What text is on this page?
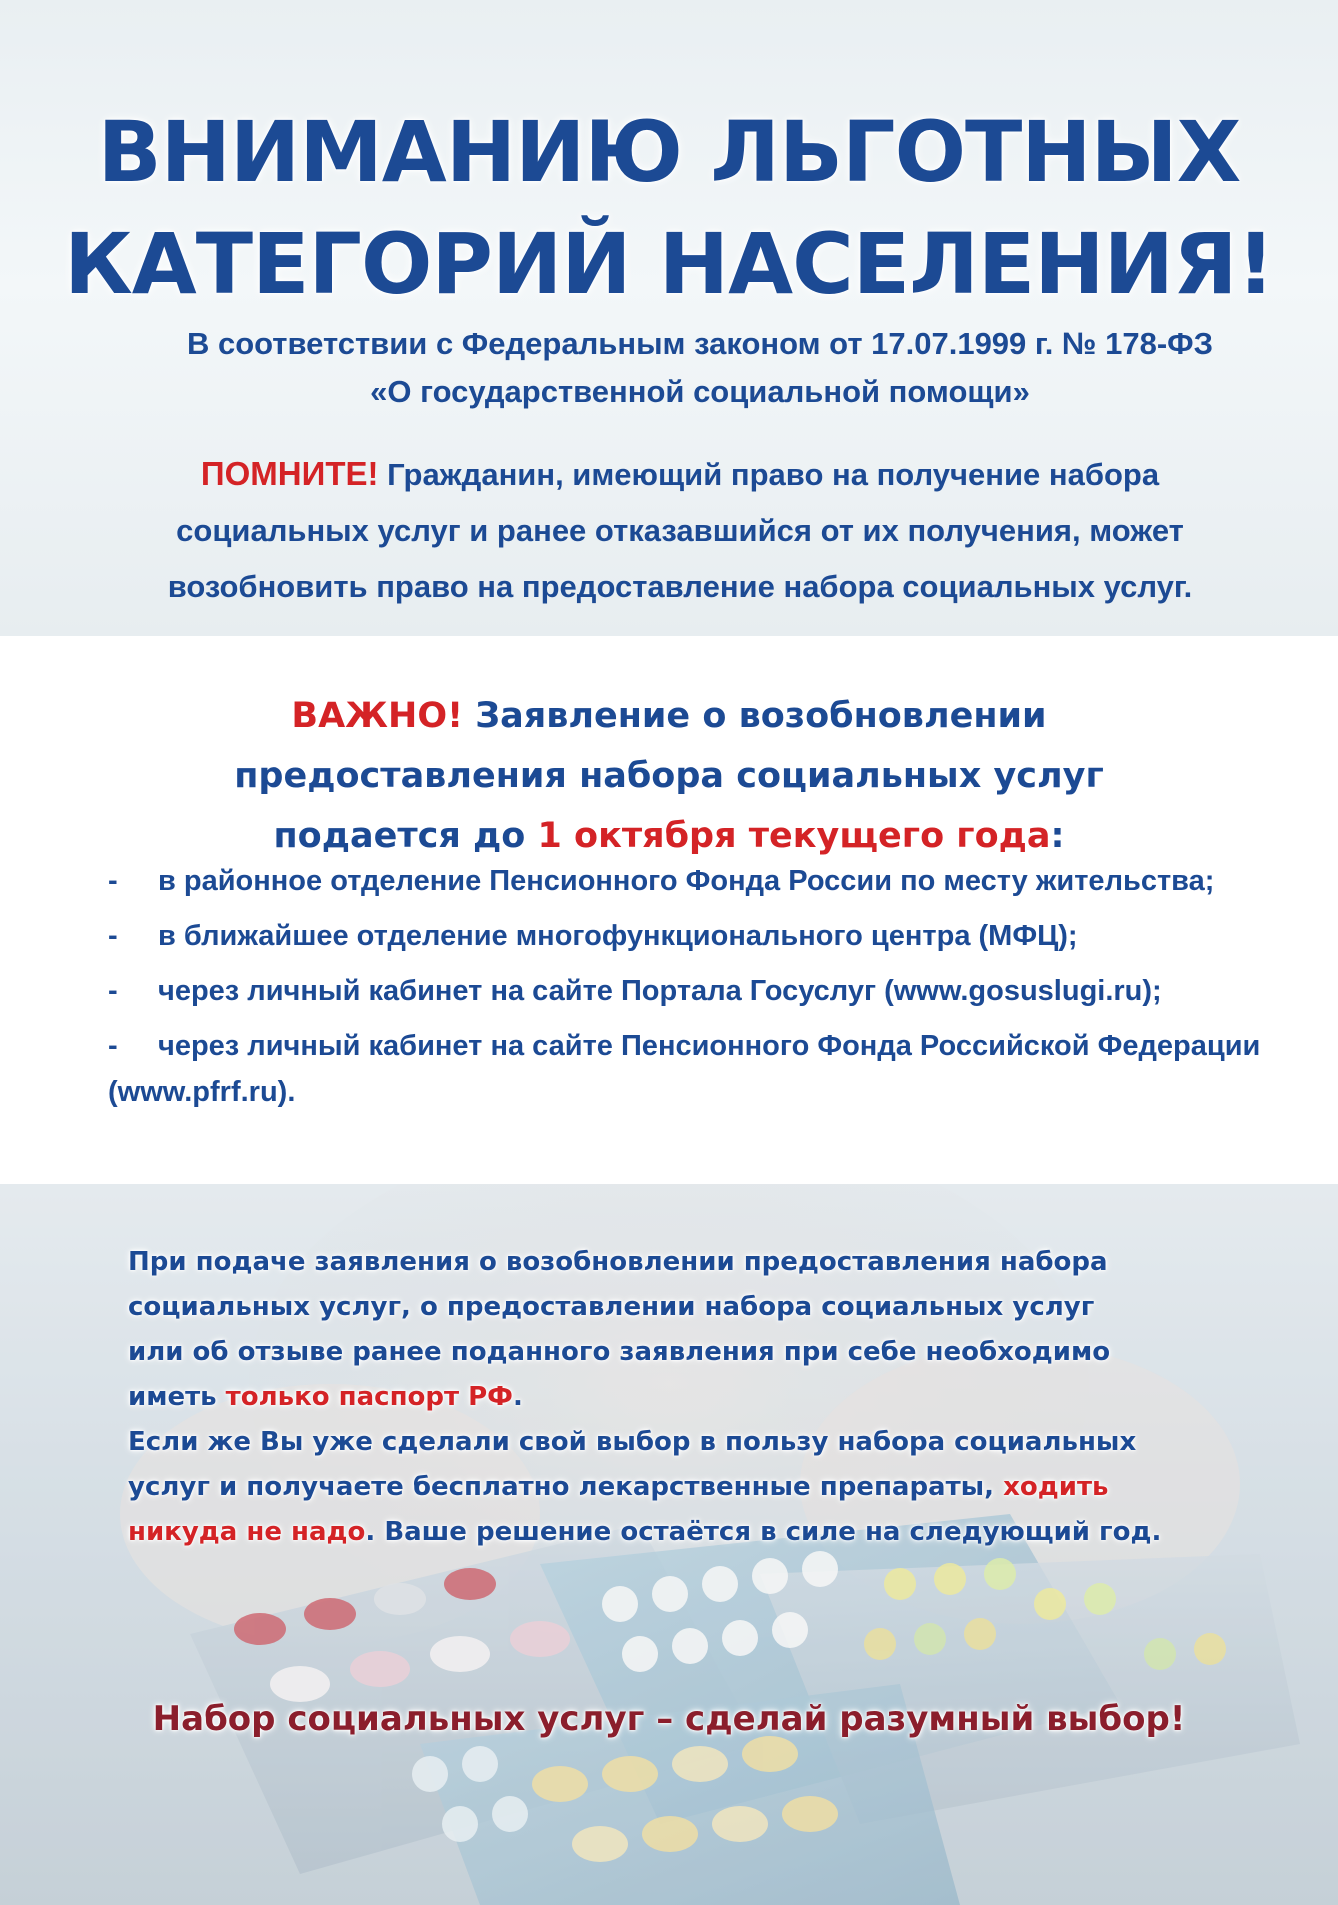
ВНИМАНИЮ ЛЬГОТНЫХ
КАТЕГОРИЙ НАСЕЛЕНИЯ!
В соответствии с Федеральным законом от 17.07.1999 г. № 178-ФЗ
«О государственной социальной помощи»
ПОМНИТЕ! Гражданин, имеющий право на получение набора
социальных услуг и ранее отказавшийся от их получения, может
возобновить право на предоставление набора социальных услуг.
ВАЖНО! Заявление о возобновлении
предоставления набора социальных услуг
подается до 1 октября текущего года:
-	в районное отделение Пенсионного Фонда России по месту жительства;
-	в ближайшее отделение многофункционального центра (МФЦ);
-	через личный кабинет на сайте Портала Госуслуг (www.gosuslugi.ru);
- через личный кабинет на сайте Пенсионного Фонда Российской Федерации (www.pfrf.ru).
При подаче заявления о возобновлении предоставления набора
социальных услуг, о предоставлении набора социальных услуг
или об отзыве ранее поданного заявления при себе необходимо
иметь только паспорт РФ.
Если же Вы уже сделали свой выбор в пользу набора социальных
услуг и получаете бесплатно лекарственные препараты, ходить
никуда не надо. Ваше решение остаётся в силе на следующий год.
Набор социальных услуг – сделай разумный выбор!
